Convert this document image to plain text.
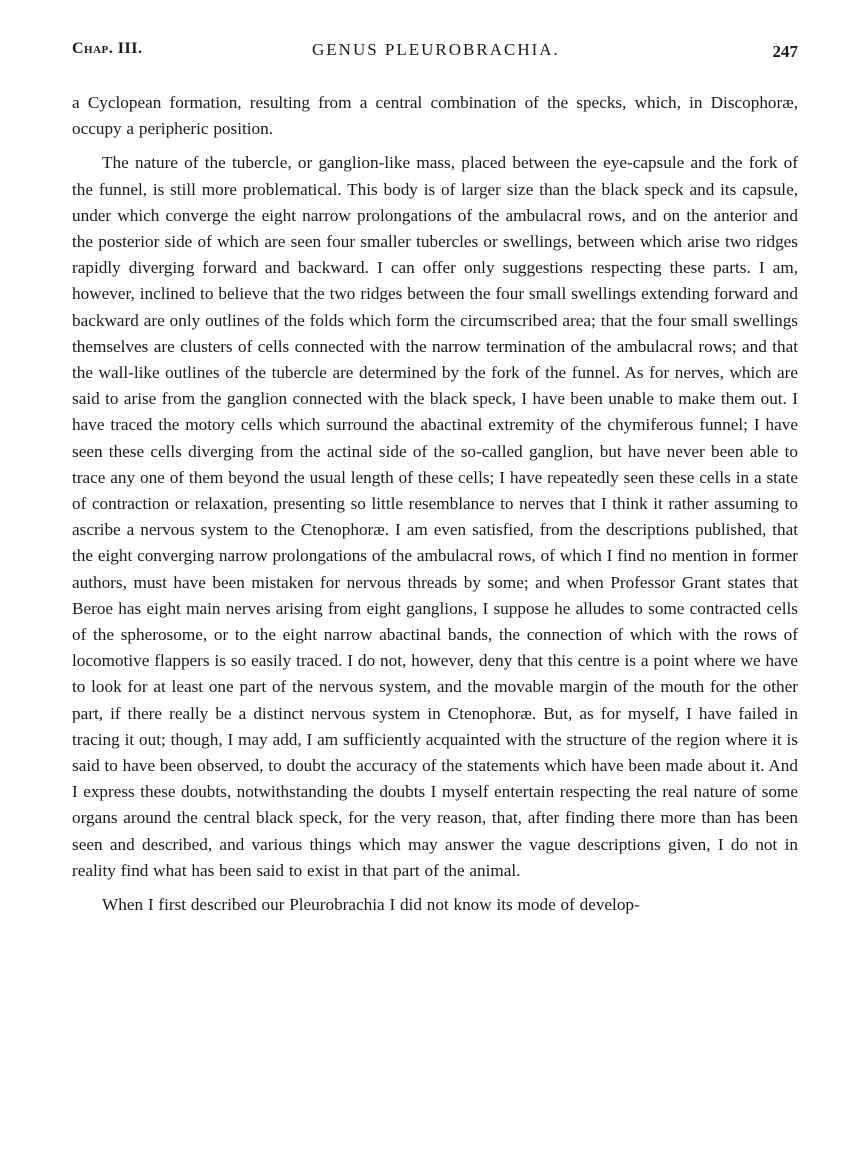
Chap. III.	GENUS PLEUROBRACHIA.	247

a Cyclopean formation, resulting from a central combination of the specks, which, in Discophoræ, occupy a peripheric position.

The nature of the tubercle, or ganglion-like mass, placed between the eye-capsule and the fork of the funnel, is still more problematical. This body is of larger size than the black speck and its capsule, under which converge the eight narrow prolongations of the ambulacral rows, and on the anterior and the posterior side of which are seen four smaller tubercles or swellings, between which arise two ridges rapidly diverging forward and backward. I can offer only suggestions respecting these parts. I am, however, inclined to believe that the two ridges between the four small swellings extending forward and backward are only outlines of the folds which form the circumscribed area; that the four small swellings themselves are clusters of cells connected with the narrow termination of the ambulacral rows; and that the wall-like outlines of the tubercle are determined by the fork of the funnel. As for nerves, which are said to arise from the ganglion connected with the black speck, I have been unable to make them out. I have traced the motory cells which surround the abactinal extremity of the chymiferous funnel; I have seen these cells diverging from the actinal side of the so-called ganglion, but have never been able to trace any one of them beyond the usual length of these cells; I have repeatedly seen these cells in a state of contraction or relaxation, presenting so little resemblance to nerves that I think it rather assuming to ascribe a nervous system to the Ctenophoræ. I am even satisfied, from the descriptions published, that the eight converging narrow prolongations of the ambulacral rows, of which I find no mention in former authors, must have been mistaken for nervous threads by some; and when Professor Grant states that Beroe has eight main nerves arising from eight ganglions, I suppose he alludes to some contracted cells of the spherosome, or to the eight narrow abactinal bands, the connection of which with the rows of locomotive flappers is so easily traced. I do not, however, deny that this centre is a point where we have to look for at least one part of the nervous system, and the movable margin of the mouth for the other part, if there really be a distinct nervous system in Ctenophoræ. But, as for myself, I have failed in tracing it out; though, I may add, I am sufficiently acquainted with the structure of the region where it is said to have been observed, to doubt the accuracy of the statements which have been made about it. And I express these doubts, notwithstanding the doubts I myself entertain respecting the real nature of some organs around the central black speck, for the very reason, that, after finding there more than has been seen and described, and various things which may answer the vague descriptions given, I do not in reality find what has been said to exist in that part of the animal.

When I first described our Pleurobrachia I did not know its mode of develop-
